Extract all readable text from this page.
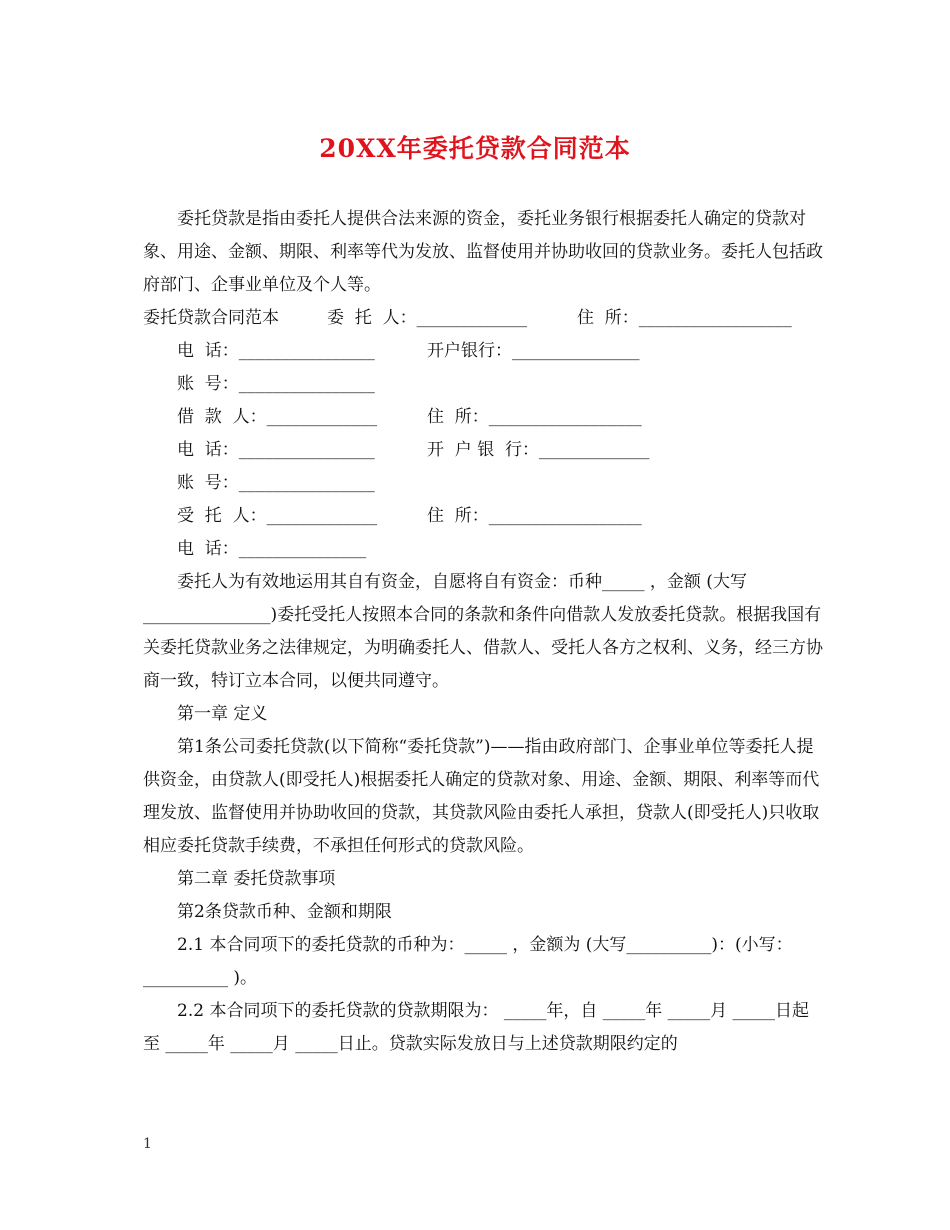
20XX年委托贷款合同范本

委托贷款是指由委托人提供合法来源的资金，委托业务银行根据委托人确定的贷款对象、用途、金额、期限、利率等代为发放、监督使用并协助收回的贷款业务。委托人包括政府部门、企事业单位及个人等。

委托贷款合同范本	委  托  人：_____________	住  所：__________________
电  话：________________	开户银行：_______________
账  号：________________
借  款  人：_____________	住  所：__________________
电  话：________________	开  户 银  行：_____________
账  号：________________
受  托  人：_____________	住  所：__________________
电  话：_______________

委托人为有效地运用其自有资金，自愿将自有资金：币种_____ ，金额 (大写_______________)委托受托人按照本合同的条款和条件向借款人发放委托贷款。根据我国有关委托贷款业务之法律规定，为明确委托人、借款人、受托人各方之权利、义务，经三方协商一致，特订立本合同，以便共同遵守。

第一章 定义

第1条公司委托贷款(以下简称“委托贷款”)——指由政府部门、企事业单位等委托人提供资金，由贷款人(即受托人)根据委托人确定的贷款对象、用途、金额、期限、利率等而代理发放、监督使用并协助收回的贷款，其贷款风险由委托人承担，贷款人(即受托人)只收取相应委托贷款手续费，不承担任何形式的贷款风险。

第二章 委托贷款事项

第2条贷款币种、金额和期限

2.1 本合同项下的委托贷款的币种为：_____ ，金额为 (大写__________)：(小写：__________ )。

2.2 本合同项下的委托贷款的贷款期限为： _____年，自 _____年 _____月 _____日起至 _____年 _____月 _____日止。贷款实际发放日与上述贷款期限约定的

1
